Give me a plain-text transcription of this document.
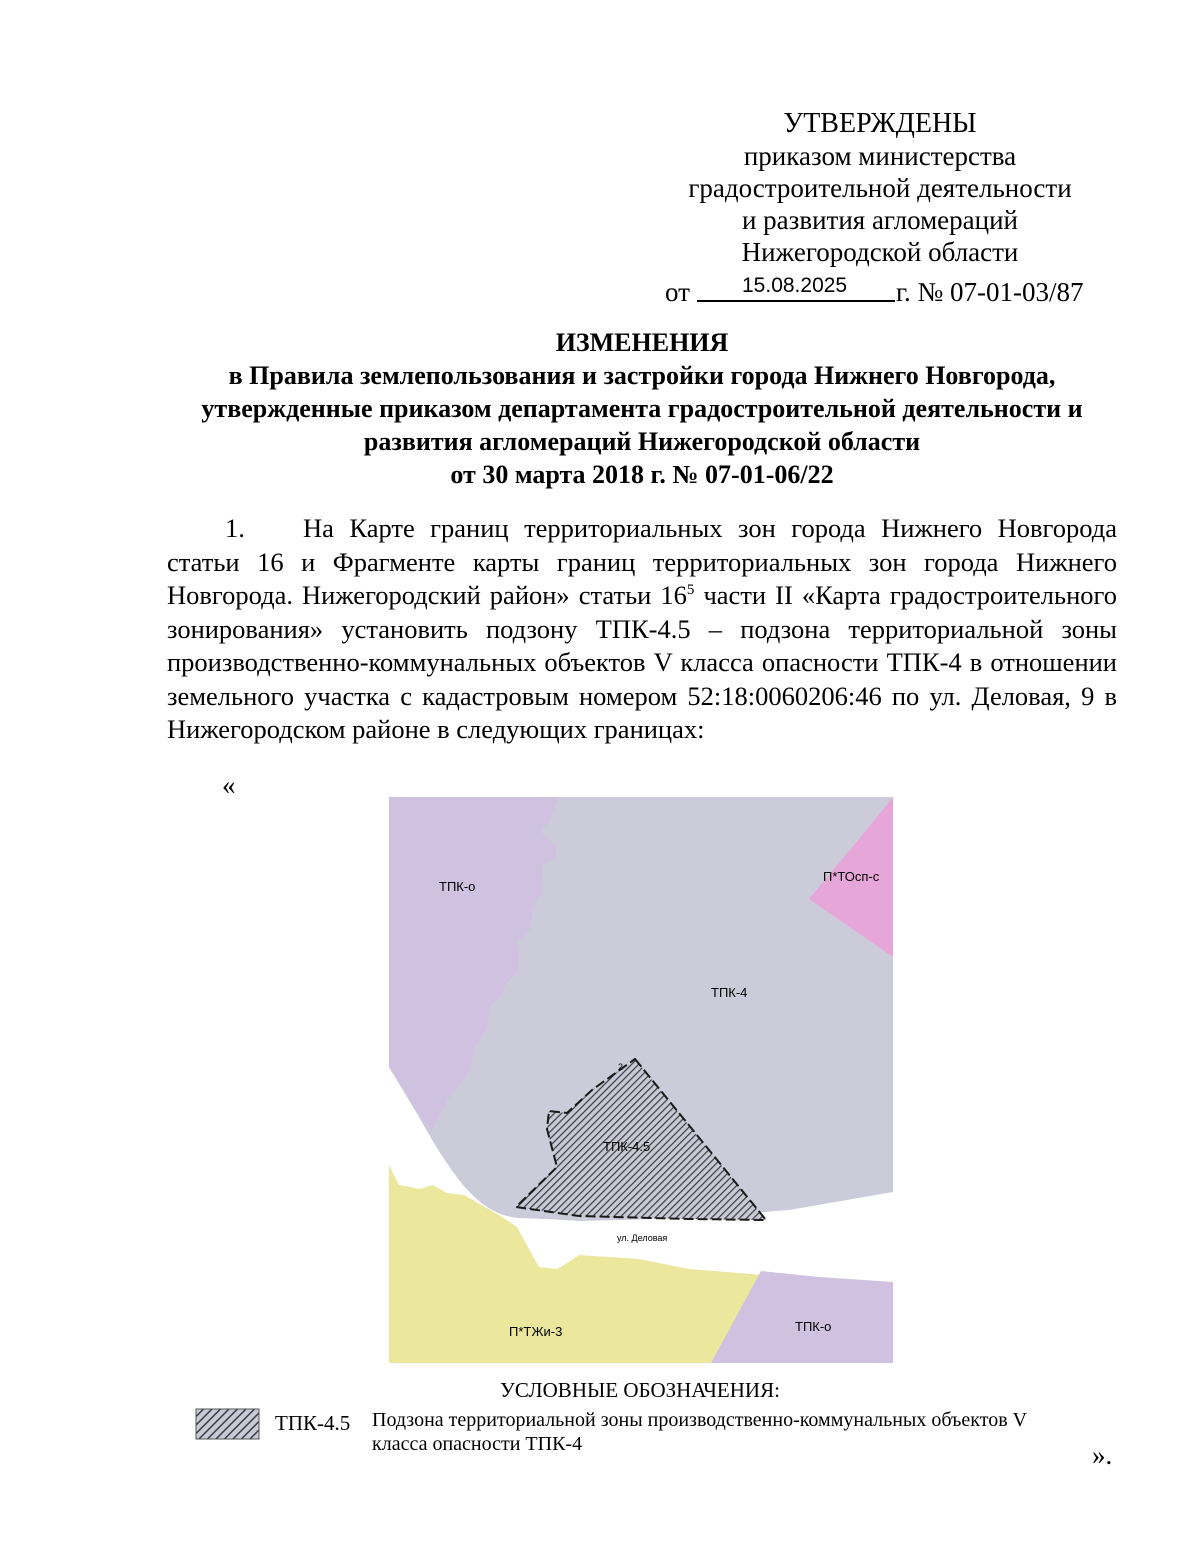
УТВЕРЖДЕНЫ
приказом министерства
градостроительной деятельности
и развития агломераций
Нижегородской области
от 15.08.2025 г. № 07-01-03/87
ИЗМЕНЕНИЯ
в Правила землепользования и застройки города Нижнего Новгорода,
утвержденные приказом департамента градостроительной деятельности и
развития агломераций Нижегородской области
от 30 марта 2018 г. № 07-01-06/22
1. На Карте границ территориальных зон города Нижнего Новгорода статьи 16 и Фрагменте карты границ территориальных зон города Нижнего Новгорода. Нижегородский район» статьи $16^5$ части II «Карта градостроительного зонирования» установить подзону ТПК-4.5 – подзона территориальной зоны производственно-коммунальных объектов V класса опасности ТПК-4 в отношении земельного участка с кадастровым номером 52:18:0060206:46 по ул. Деловая, 9 в Нижегородском районе в следующих границах:
«
ТПК-о
П*ТОсп-с
ТПК-4
ТПК-4.5
2
ул. Деловая
П*ТЖи-3	ТПК-о
УСЛОВНЫЕ ОБОЗНАЧЕНИЯ:
ТПК-4.5 Подзона территориальной зоны производственно-коммунальных объектов V класса опасности ТПК-4	».
